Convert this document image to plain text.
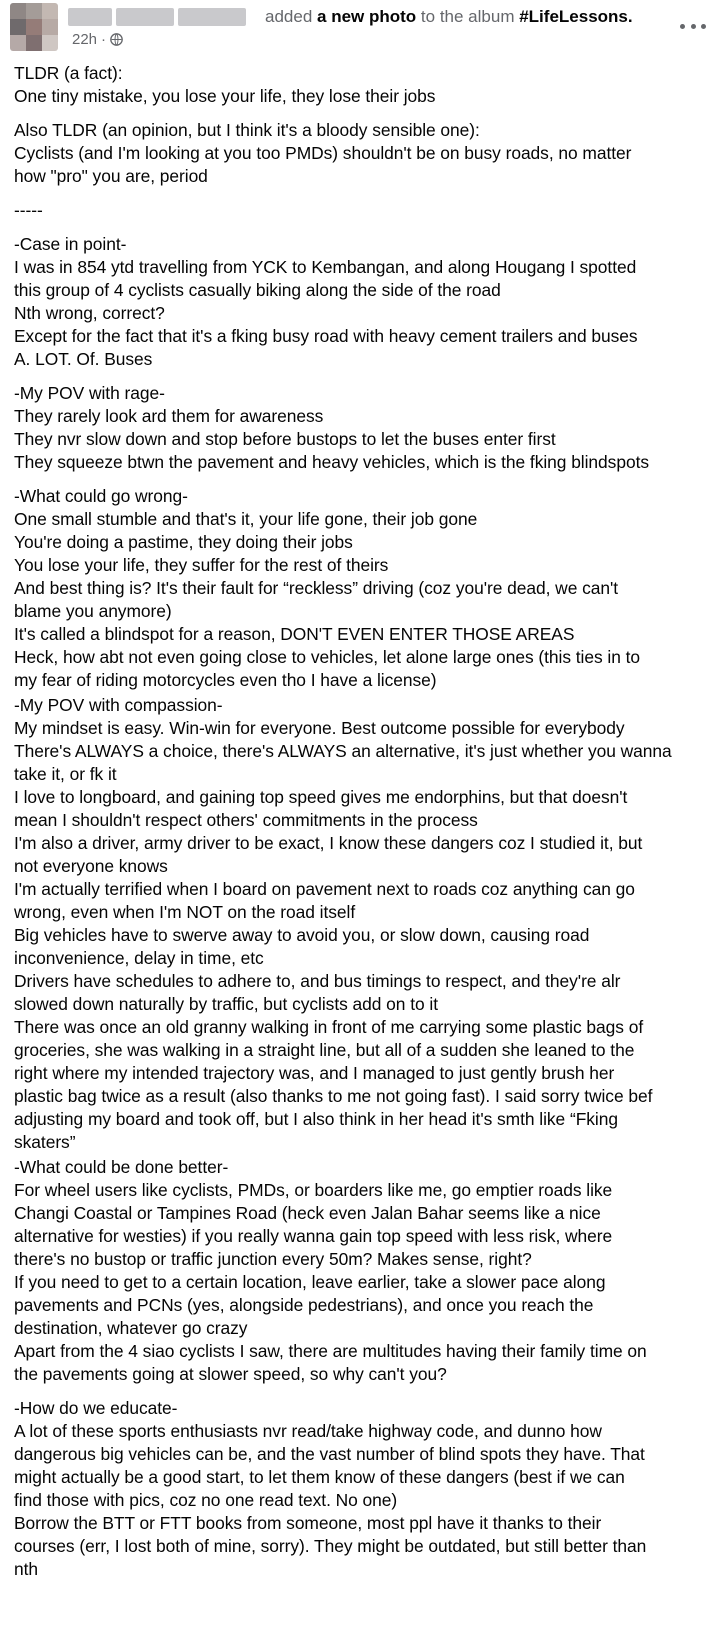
added a new photo to the album #LifeLessons.
22h ·

TLDR (a fact):
One tiny mistake, you lose your life, they lose their jobs

Also TLDR (an opinion, but I think it's a bloody sensible one):
Cyclists (and I'm looking at you too PMDs) shouldn't be on busy roads, no matter
how "pro" you are, period

-----

-Case in point-
I was in 854 ytd travelling from YCK to Kembangan, and along Hougang I spotted
this group of 4 cyclists casually biking along the side of the road
Nth wrong, correct?
Except for the fact that it's a fking busy road with heavy cement trailers and buses
A. LOT. Of. Buses

-My POV with rage-
They rarely look ard them for awareness
They nvr slow down and stop before bustops to let the buses enter first
They squeeze btwn the pavement and heavy vehicles, which is the fking blindspots

-What could go wrong-
One small stumble and that's it, your life gone, their job gone
You're doing a pastime, they doing their jobs
You lose your life, they suffer for the rest of theirs
And best thing is? It's their fault for “reckless” driving (coz you're dead, we can't
blame you anymore)
It's called a blindspot for a reason, DON'T EVEN ENTER THOSE AREAS
Heck, how abt not even going close to vehicles, let alone large ones (this ties in to
my fear of riding motorcycles even tho I have a license)

-My POV with compassion-
My mindset is easy. Win-win for everyone. Best outcome possible for everybody
There's ALWAYS a choice, there's ALWAYS an alternative, it's just whether you wanna
take it, or fk it
I love to longboard, and gaining top speed gives me endorphins, but that doesn't
mean I shouldn't respect others' commitments in the process
I'm also a driver, army driver to be exact, I know these dangers coz I studied it, but
not everyone knows
I'm actually terrified when I board on pavement next to roads coz anything can go
wrong, even when I'm NOT on the road itself
Big vehicles have to swerve away to avoid you, or slow down, causing road
inconvenience, delay in time, etc
Drivers have schedules to adhere to, and bus timings to respect, and they're alr
slowed down naturally by traffic, but cyclists add on to it
There was once an old granny walking in front of me carrying some plastic bags of
groceries, she was walking in a straight line, but all of a sudden she leaned to the
right where my intended trajectory was, and I managed to just gently brush her
plastic bag twice as a result (also thanks to me not going fast). I said sorry twice bef
adjusting my board and took off, but I also think in her head it's smth like “Fking
skaters”

-What could be done better-
For wheel users like cyclists, PMDs, or boarders like me, go emptier roads like
Changi Coastal or Tampines Road (heck even Jalan Bahar seems like a nice
alternative for westies) if you really wanna gain top speed with less risk, where
there's no bustop or traffic junction every 50m? Makes sense, right?
If you need to get to a certain location, leave earlier, take a slower pace along
pavements and PCNs (yes, alongside pedestrians), and once you reach the
destination, whatever go crazy
Apart from the 4 siao cyclists I saw, there are multitudes having their family time on
the pavements going at slower speed, so why can't you?

-How do we educate-
A lot of these sports enthusiasts nvr read/take highway code, and dunno how
dangerous big vehicles can be, and the vast number of blind spots they have. That
might actually be a good start, to let them know of these dangers (best if we can
find those with pics, coz no one read text. No one)
Borrow the BTT or FTT books from someone, most ppl have it thanks to their
courses (err, I lost both of mine, sorry). They might be outdated, but still better than
nth
